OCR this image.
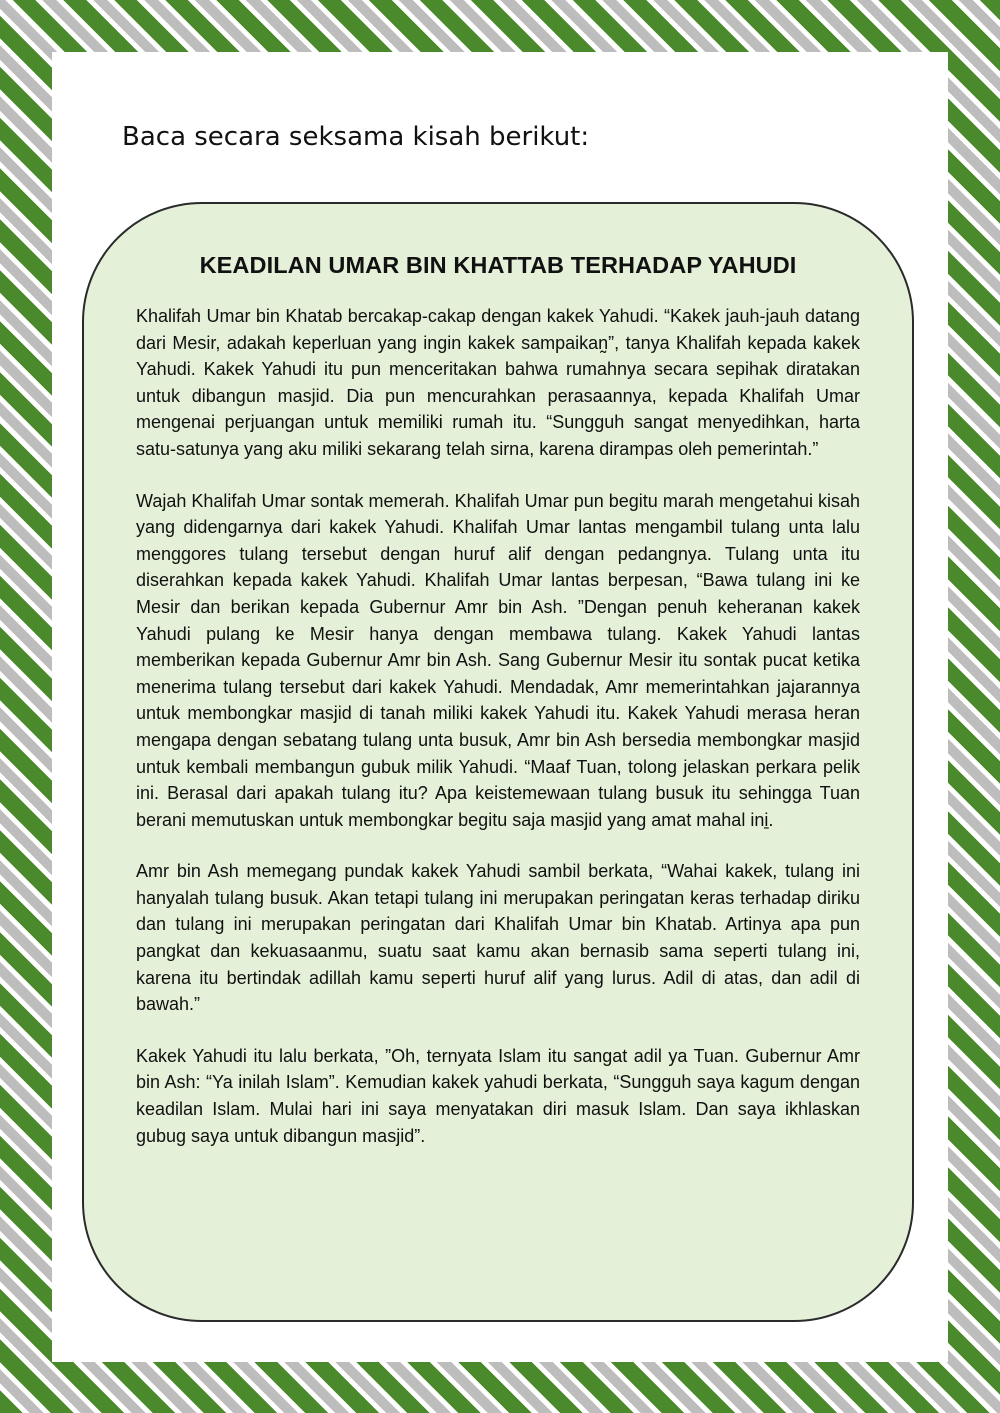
Baca secara seksama kisah berikut:
KEADILAN UMAR BIN KHATTAB TERHADAP YAHUDI

Khalifah Umar bin Khatab bercakap-cakap dengan kakek Yahudi. “Kakek jauh-jauh datang dari Mesir, adakah keperluan yang ingin kakek sampaikan̰”, tanya Khalifah kepada kakek Yahudi. Kakek Yahudi itu pun menceritakan bahwa rumahnya secara sepihak diratakan untuk dibangun masjid. Dia pun mencurahkan perasaannya, kepada Khalifah Umar mengenai perjuangan untuk memiliki rumah itu. “Sungguh sangat menyedihkan, harta satu-satunya yang aku miliki sekarang telah sirna, karena dirampas oleh pemerintah.”

Wajah Khalifah Umar sontak memerah. Khalifah Umar pun begitu marah mengetahui kisah yang didengarnya dari kakek Yahudi. Khalifah Umar lantas mengambil tulang unta lalu menggores tulang tersebut dengan huruf alif dengan pedangnya. Tulang unta itu diserahkan kepada kakek Yahudi. Khalifah Umar lantas berpesan, “Bawa tulang ini ke Mesir dan berikan kepada Gubernur Amr bin Ash. ”Dengan penuh keheranan kakek Yahudi pulang ke Mesir hanya dengan membawa tulang. Kakek Yahudi lantas memberikan kepada Gubernur Amr bin Ash. Sang Gubernur Mesir itu sontak pucat ketika menerima tulang tersebut dari kakek Yahudi. Mendadak, Amr memerintahkan jajarannya untuk membongkar masjid di tanah miliki kakek Yahudi itu. Kakek Yahudi merasa heran mengapa dengan sebatang tulang unta busuk, Amr bin Ash bersedia membongkar masjid untuk kembali membangun gubuk milik Yahudi. “Maaf Tuan, tolong jelaskan perkara pelik ini. Berasal dari apakah tulang itu? Apa keistemewaan tulang busuk itu sehingga Tuan berani memutuskan untuk membongkar begitu saja masjid yang amat mahal ini̱.

Amr bin Ash memegang pundak kakek Yahudi sambil berkata, “Wahai kakek, tulang ini hanyalah tulang busuk. Akan tetapi tulang ini merupakan peringatan keras terhadap diriku dan tulang ini merupakan peringatan dari Khalifah Umar bin Khatab. Artinya apa pun pangkat dan kekuasaanmu, suatu saat kamu akan bernasib sama seperti tulang ini, karena itu bertindak adillah kamu seperti huruf alif yang lurus. Adil di atas, dan adil di bawah.”

Kakek Yahudi itu lalu berkata, ”Oh, ternyata Islam itu sangat adil ya Tuan. Gubernur Amr bin Ash: “Ya inilah Islam”. Kemudian kakek yahudi berkata, “Sungguh saya kagum dengan keadilan Islam. Mulai hari ini saya menyatakan diri masuk Islam. Dan saya ikhlaskan gubug saya untuk dibangun masjid”.
